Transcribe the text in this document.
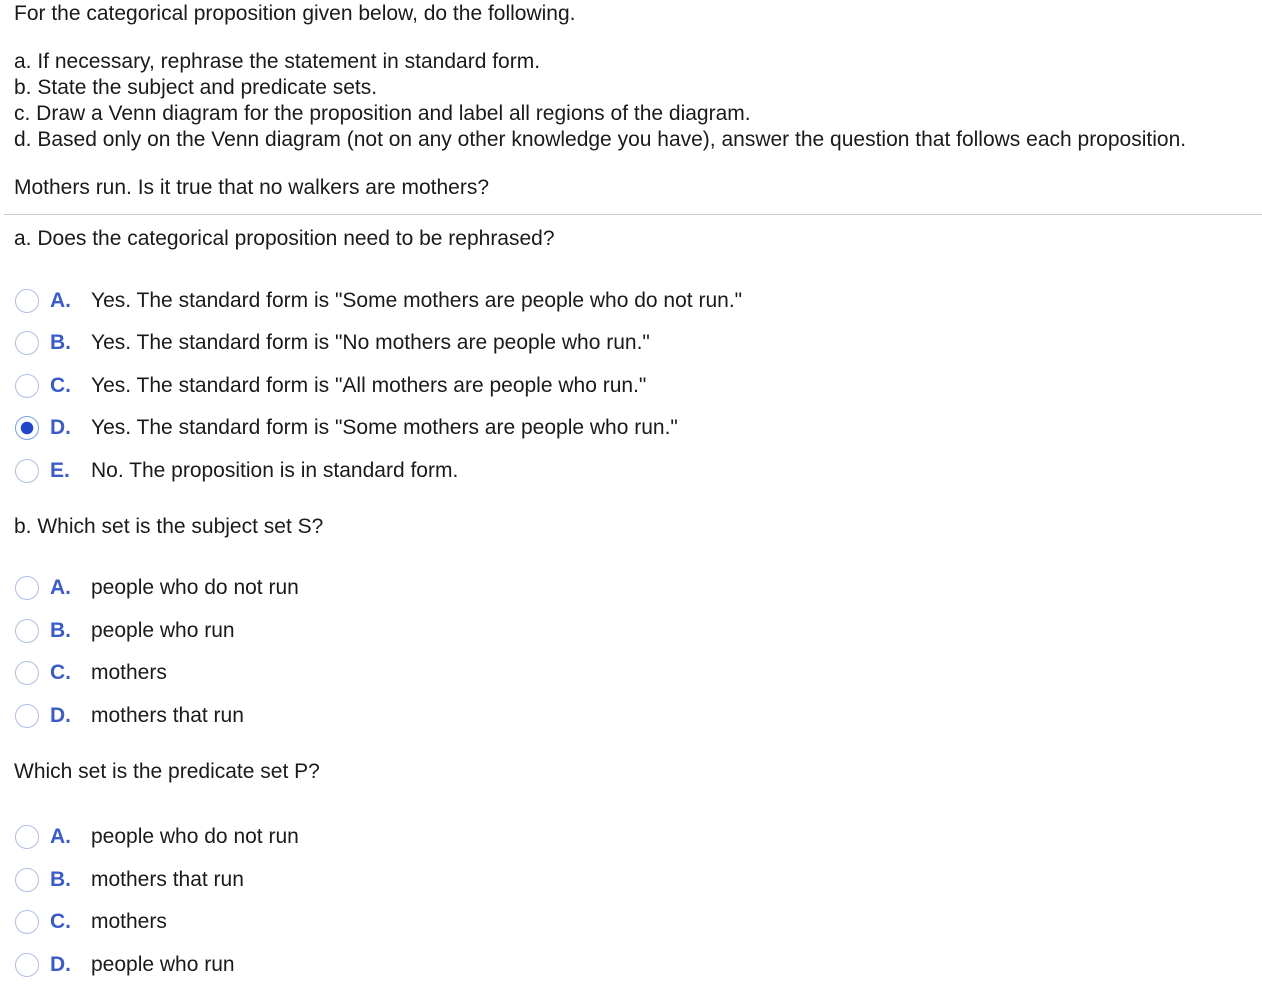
For the categorical proposition given below, do the following.
a. If necessary, rephrase the statement in standard form.
b. State the subject and predicate sets.
c. Draw a Venn diagram for the proposition and label all regions of the diagram.
d. Based only on the Venn diagram (not on any other knowledge you have), answer the question that follows each proposition.
Mothers run. Is it true that no walkers are mothers?
a. Does the categorical proposition need to be rephrased?
A. Yes. The standard form is "Some mothers are people who do not run."
B. Yes. The standard form is "No mothers are people who run."
C. Yes. The standard form is "All mothers are people who run."
D. Yes. The standard form is "Some mothers are people who run."
E.	No. The proposition is in standard form.
b. Which set is the subject set S?
A. people who do not run
B. people who run
C. mothers
D. mothers that run
Which set is the predicate set P?
A. people who do not run
B. mothers that run
C. mothers
D. people who run
